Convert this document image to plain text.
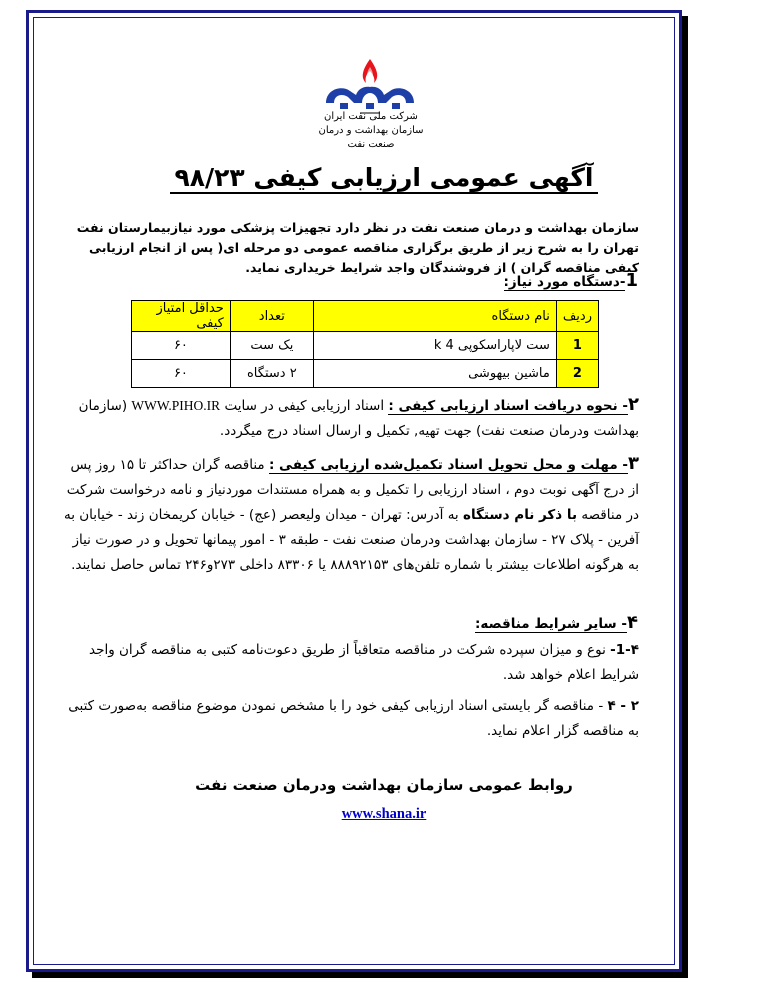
شرکت ملی نفت ایران
سازمان بهداشت و درمان صنعت نفت
آگهی عمومی ارزیابی کیفی ۹۸/۲۳
سازمان بهداشت و درمان صنعت نفت در نظر دارد تجهیزات پزشکی مورد نیازبیمارستان نفت تهران را به شرح زیر از طریق برگزاری مناقصه عمومی دو مرحله ای( پس از انجام ارزیابی کیفی مناقصه گران ) از فروشندگان واجد شرایط خریداری نماید.
1-دستگاه مورد نیاز:
ردیف	نام دستگاه	تعداد	حداقل امتیاز کیفی
1	ست لاپاراسکوپی 4 k	یک ست	۶۰
2	ماشین بیهوشی	۲ دستگاه	۶۰
۲- نحوه دریافت اسناد ارزیابی کیفی : اسناد ارزیابی کیفی در سایت WWW.PIHO.IR (سازمان بهداشت ودرمان صنعت نفت) جهت تهیه, تکمیل و ارسال اسناد درج میگردد.
۳- مهلت و محل تحویل اسناد تکمیل‌شده ارزیابی کیفی : مناقصه گران حداکثر تا ۱۵ روز پس از درج آگهی نوبت دوم ، اسناد ارزیابی را تکمیل و به همراه مستندات موردنیاز و نامه درخواست شرکت در مناقصه با ذکر نام دستگاه به آدرس: تهران - میدان ولیعصر (عج) - خیابان کریمخان زند - خیابان به آفرین - پلاک ۲۷ - سازمان بهداشت ودرمان صنعت نفت - طبقه ۳ - امور پیمانها تحویل و در صورت نیاز به هرگونه اطلاعات بیشتر با شماره تلفن‌های ۸۸۸۹۲۱۵۳ یا ۸۳۳۰۶ داخلی ۲۷۳و۲۴۶ تماس حاصل نمایند.
۴- سایر شرایط مناقصه:
1-۴- نوع و میزان سپرده شرکت در مناقصه متعاقباً از طریق دعوت‌نامه کتبی به مناقصه گران واجد شرایط اعلام خواهد شد.
۲ - ۴ - مناقصه گر بایستی اسناد ارزیابی کیفی خود را با مشخص نمودن موضوع مناقصه به‌صورت کتبی به مناقصه گزار اعلام نماید.
روابط عمومی سازمان بهداشت ودرمان صنعت نفت
www.shana.ir
